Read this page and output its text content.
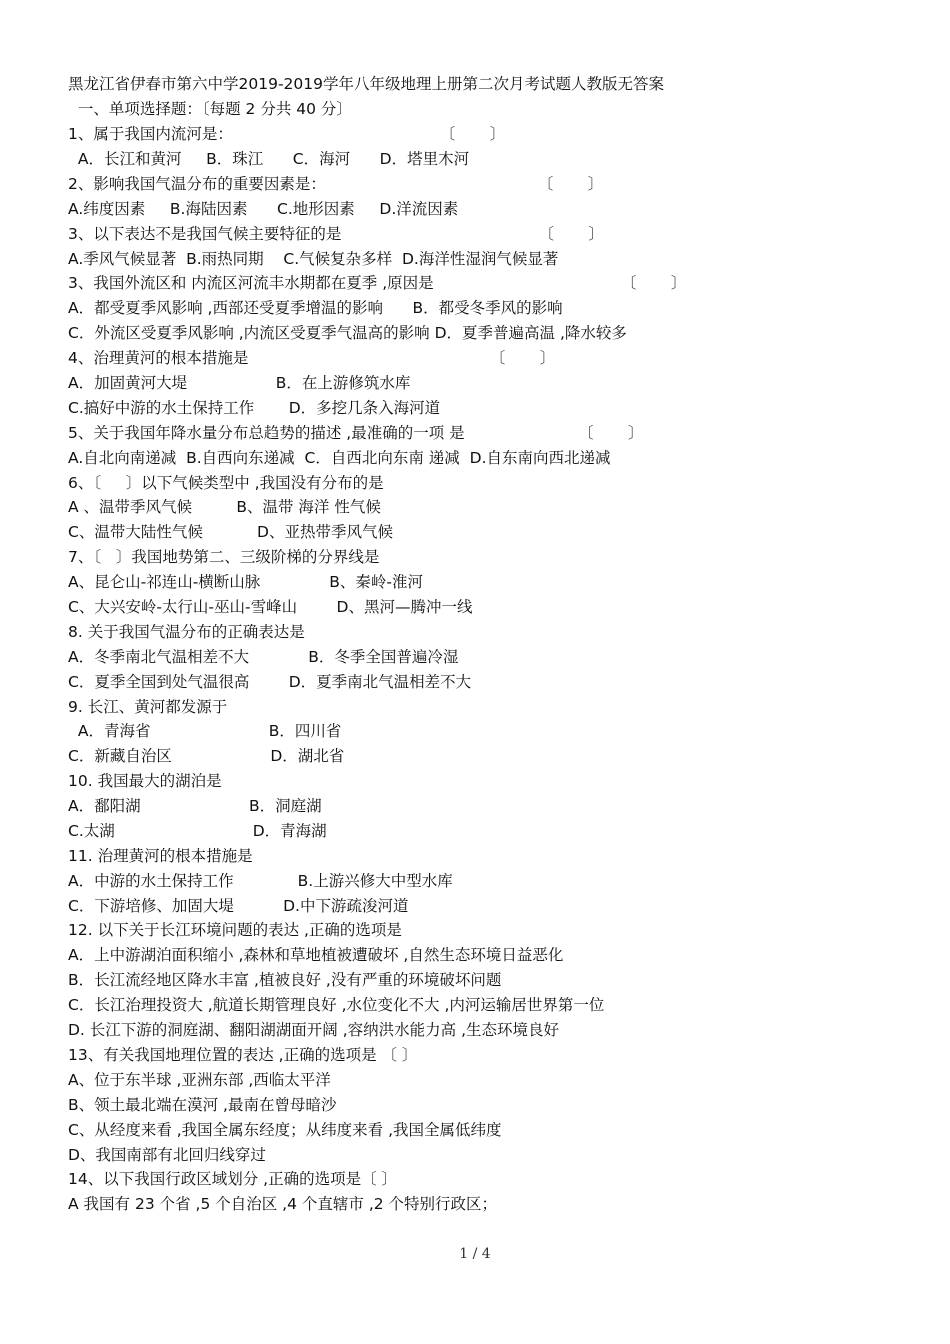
黑龙江省伊春市第六中学2019-2019学年八年级地理上册第二次月考试题人教版无答案
一、单项选择题：〔每题 2 分共 40 分〕
1、属于我国内流河是：                                          〔       〕
A．长江和黄河     B．珠江      C．海河      D．塔里木河
2、影响我国气温分布的重要因素是：                                           〔       〕
A.纬度因素     B.海陆因素      C.地形因素     D.洋流因素
3、以下表达不是我国气候主要特征的是                                        〔       〕
A.季风气候显著  B.雨热同期    C.气候复杂多样  D.海洋性湿润气候显著
3、我国外流区和 内流区河流丰水期都在夏季 ,原因是                                      〔       〕
A．都受夏季风影响 ,西部还受夏季增温的影响      B．都受冬季风的影响
C．外流区受夏季风影响 ,内流区受夏季气温高的影响 D．夏季普遍高温 ,降水较多
4、治理黄河的根本措施是                                                 〔       〕
A．加固黄河大堤                  B．在上游修筑水库
C.搞好中游的水土保持工作       D．多挖几条入海河道
5、关于我国年降水量分布总趋势的描述 ,最准确的一项 是                       〔       〕
A.自北向南递减  B.自西向东递减  C．自西北向东南 递减  D.自东南向西北递减
6、〔     〕以下气候类型中 ,我国没有分布的是
A 、温带季风气候         B、温带 海洋 性气候
C、温带大陆性气候           D、亚热带季风气候
7、〔   〕我国地势第二、三级阶梯的分界线是
A、昆仑山-祁连山-横断山脉              B、秦岭-淮河
C、大兴安岭-太行山-巫山-雪峰山        D、黑河—腾冲一线
8. 关于我国气温分布的正确表达是
A．冬季南北气温相差不大            B．冬季全国普遍冷湿
C．夏季全国到处气温很高        D．夏季南北气温相差不大
9. 长江、黄河都发源于
A．青海省                        B．四川省
C．新藏自治区                    D．湖北省
10. 我国最大的湖泊是
A．鄱阳湖                      B．洞庭湖
C.太湖                            D．青海湖
11. 治理黄河的根本措施是
A．中游的水土保持工作             B.上游兴修大中型水库
C．下游培修、加固大堤          D.中下游疏浚河道
12. 以下关于长江环境问题的表达 ,正确的选项是
A．上中游湖泊面积缩小 ,森林和草地植被遭破坏 ,自然生态环境日益恶化
B．长江流经地区降水丰富 ,植被良好 ,没有严重的环境破坏问题
C．长江治理投资大 ,航道长期管理良好 ,水位变化不大 ,内河运输居世界第一位
D. 长江下游的洞庭湖、翻阳湖湖面开阔 ,容纳洪水能力高 ,生态环境良好
13、有关我国地理位置的表达 ,正确的选项是 〔 〕
A、位于东半球 ,亚洲东部 ,西临太平洋
B、领土最北端在漠河 ,最南在曾母暗沙
C、从经度来看 ,我国全属东经度；从纬度来看 ,我国全属低纬度
D、我国南部有北回归线穿过
14、以下我国行政区域划分 ,正确的选项是〔 〕
A 我国有 23 个省 ,5 个自治区 ,4 个直辖市 ,2 个特别行政区；
1 / 4
